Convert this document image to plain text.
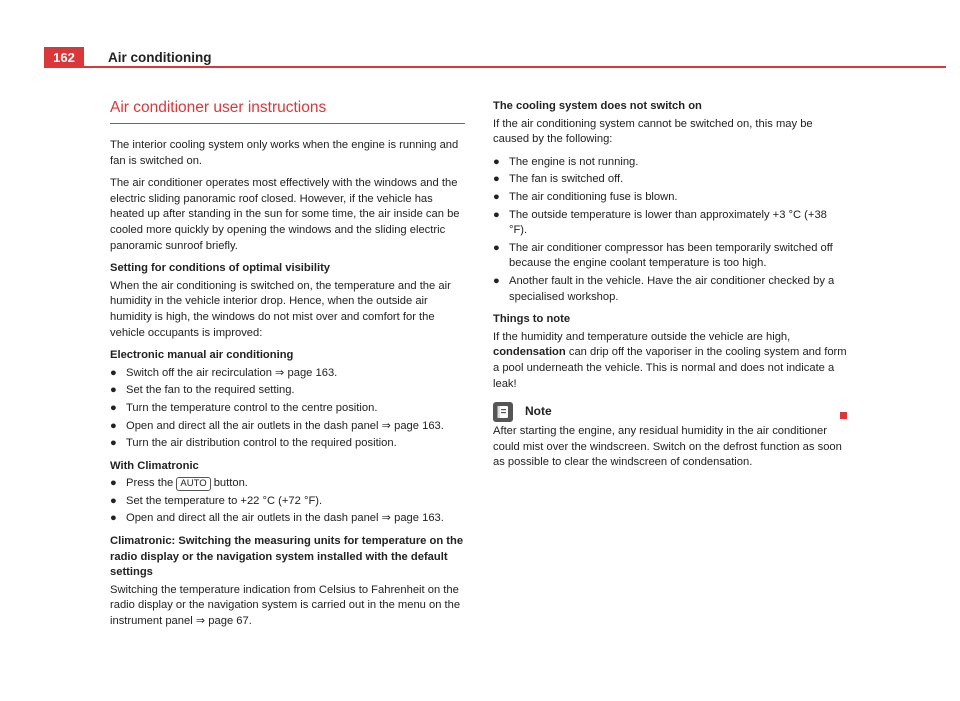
162	Air conditioning
Air conditioner user instructions

The interior cooling system only works when the engine is running and fan is switched on.

The air conditioner operates most effectively with the windows and the electric sliding panoramic roof closed. However, if the vehicle has heated up after standing in the sun for some time, the air inside can be cooled more quickly by opening the windows and the sliding electric panoramic sunroof briefly.

Setting for conditions of optimal visibility

When the air conditioning is switched on, the temperature and the air humidity in the vehicle interior drop. Hence, when the outside air humidity is high, the windows do not mist over and comfort for the vehicle occupants is improved:

Electronic manual air conditioning

● Switch off the air recirculation ⇒ page 163.
● Set the fan to the required setting.
● Turn the temperature control to the centre position.
● Open and direct all the air outlets in the dash panel ⇒ page 163.
● Turn the air distribution control to the required position.

With Climatronic

● Press the AUTO button.
● Set the temperature to +22 °C (+72 °F).
● Open and direct all the air outlets in the dash panel ⇒ page 163.

Climatronic: Switching the measuring units for temperature on the radio display or the navigation system installed with the default settings

Switching the temperature indication from Celsius to Fahrenheit on the radio display or the navigation system is carried out in the menu on the instrument panel ⇒ page 67.

The cooling system does not switch on

If the air conditioning system cannot be switched on, this may be caused by the following:

● The engine is not running.
● The fan is switched off.
● The air conditioning fuse is blown.
● The outside temperature is lower than approximately +3 °C (+38 °F).
● The air conditioner compressor has been temporarily switched off because the engine coolant temperature is too high.
● Another fault in the vehicle. Have the air conditioner checked by a specialised workshop.

Things to note

If the humidity and temperature outside the vehicle are high, condensation can drip off the vaporiser in the cooling system and form a pool underneath the vehicle. This is normal and does not indicate a leak!

Note

After starting the engine, any residual humidity in the air conditioner could mist over the windscreen. Switch on the defrost function as soon as possible to clear the windscreen of condensation.
